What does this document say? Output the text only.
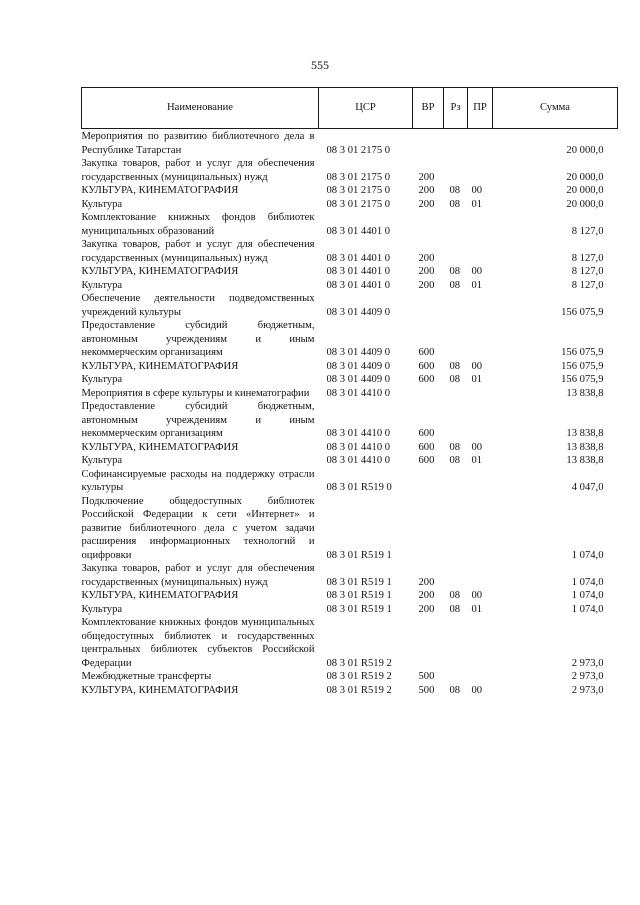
555
Наименование	ЦСР	ВР	Рз	ПР	Сумма
Мероприятия по развитию библиотечного дела в Республике Татарстан	08 3 01 2175 0				20 000,0
Закупка товаров, работ и услуг для обеспечения государственных (муниципальных) нужд	08 3 01 2175 0	200			20 000,0
КУЛЬТУРА, КИНЕМАТОГРАФИЯ	08 3 01 2175 0	200	08	00	20 000,0
Культура	08 3 01 2175 0	200	08	01	20 000,0
Комплектование книжных фондов библиотек муниципальных образований	08 3 01 4401 0				8 127,0
Закупка товаров, работ и услуг для обеспечения государственных (муниципальных) нужд	08 3 01 4401 0	200			8 127,0
КУЛЬТУРА, КИНЕМАТОГРАФИЯ	08 3 01 4401 0	200	08	00	8 127,0
Культура	08 3 01 4401 0	200	08	01	8 127,0
Обеспечение деятельности подведомственных учреждений культуры	08 3 01 4409 0				156 075,9
Предоставление субсидий бюджетным, автономным учреждениям и иным некоммерческим организациям	08 3 01 4409 0	600			156 075,9
КУЛЬТУРА, КИНЕМАТОГРАФИЯ	08 3 01 4409 0	600	08	00	156 075,9
Культура	08 3 01 4409 0	600	08	01	156 075,9
Мероприятия в сфере культуры и кинематографии	08 3 01 4410 0				13 838,8
Предоставление субсидий бюджетным, автономным учреждениям и иным некоммерческим организациям	08 3 01 4410 0	600			13 838,8
КУЛЬТУРА, КИНЕМАТОГРАФИЯ	08 3 01 4410 0	600	08	00	13 838,8
Культура	08 3 01 4410 0	600	08	01	13 838,8
Софинансируемые расходы на поддержку отрасли культуры	08 3 01 R519 0				4 047,0
Подключение общедоступных библиотек Российской Федерации к сети «Интернет» и развитие библиотечного дела с учетом задачи расширения информационных технологий и оцифровки	08 3 01 R519 1				1 074,0
Закупка товаров, работ и услуг для обеспечения государственных (муниципальных) нужд	08 3 01 R519 1	200			1 074,0
КУЛЬТУРА, КИНЕМАТОГРАФИЯ	08 3 01 R519 1	200	08	00	1 074,0
Культура	08 3 01 R519 1	200	08	01	1 074,0
Комплектование книжных фондов муниципальных общедоступных библиотек и государственных центральных библиотек субъектов Российской Федерации	08 3 01 R519 2				2 973,0
Межбюджетные трансферты	08 3 01 R519 2	500			2 973,0
КУЛЬТУРА, КИНЕМАТОГРАФИЯ	08 3 01 R519 2	500	08	00	2 973,0
